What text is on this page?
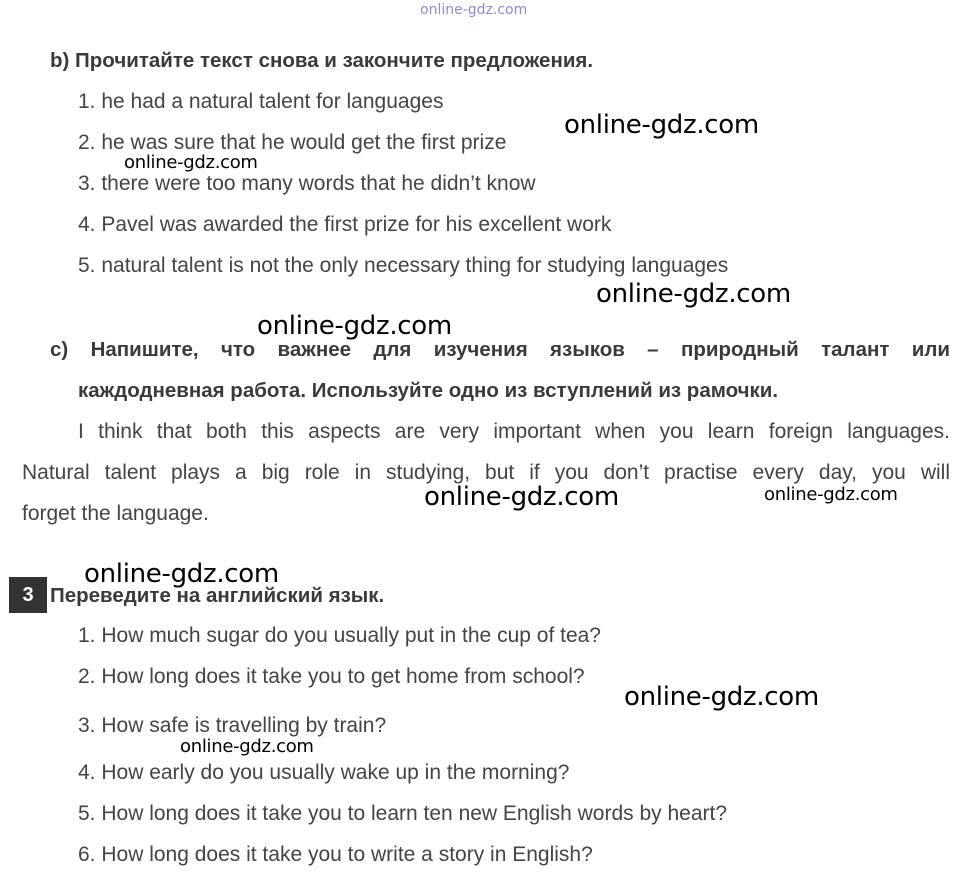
online-gdz.com
b) Прочитайте текст снова и закончите предложения.
1. he had a natural talent for languages
2. he was sure that he would get the first prize
3. there were too many words that he didn’t know
4. Pavel was awarded the first prize for his excellent work
5. natural talent is not the only necessary thing for studying languages
c) Напишите, что важнее для изучения языков – природный талант или
каждодневная работа. Используйте одно из вступлений из рамочки.
I think that both this aspects are very important when you learn foreign languages.
Natural talent plays a big role in studying, but if you don’t practise every day, you will
forget the language.
3 Переведите на английский язык.
1. How much sugar do you usually put in the cup of tea?
2. How long does it take you to get home from school?
3. How safe is travelling by train?
4. How early do you usually wake up in the morning?
5. How long does it take you to learn ten new English words by heart?
6. How long does it take you to write a story in English?
online-gdz.com
online-gdz.com
online-gdz.com
online-gdz.com
online-gdz.com	online-gdz.com
online-gdz.com
online-gdz.com
online-gdz.com
